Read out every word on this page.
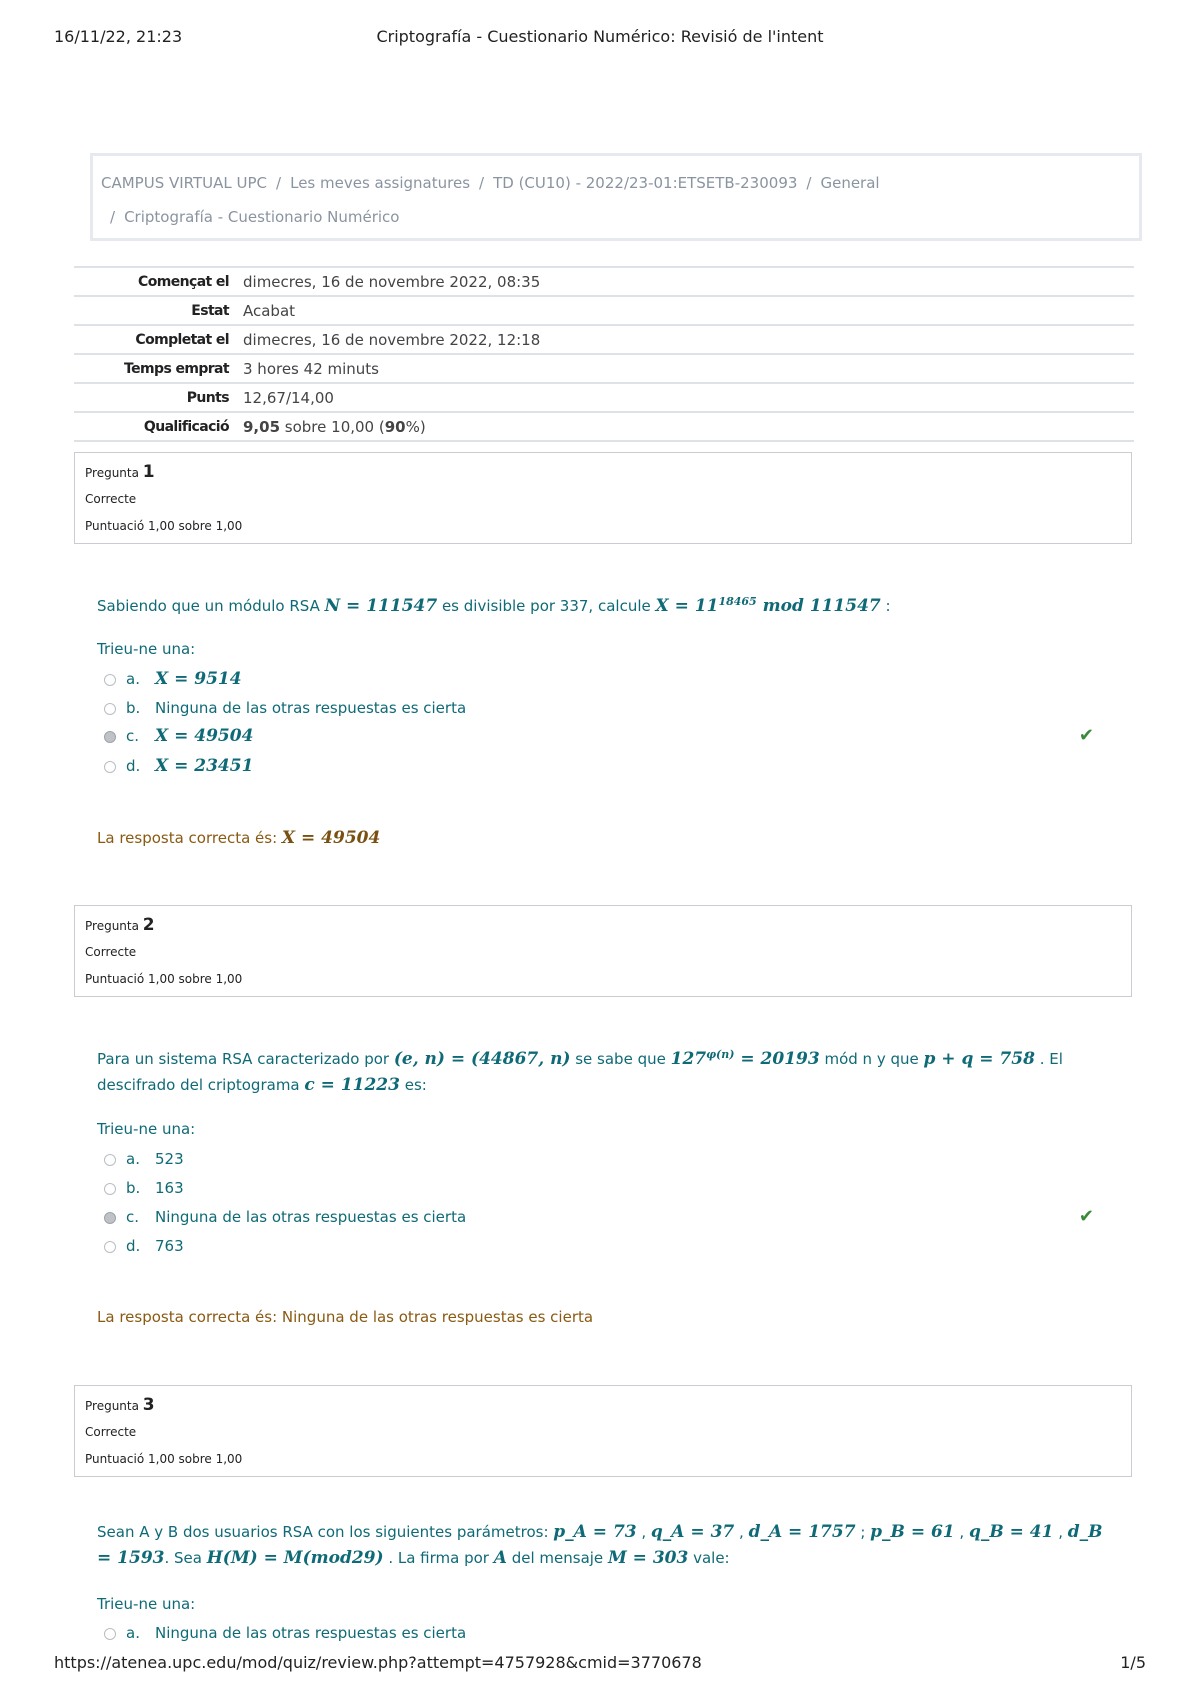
16/11/22, 21:23	Criptografía - Cuestionario Numérico: Revisió de l'intent
CAMPUS VIRTUAL UPC / Les meves assignatures / TD (CU10) - 2022/23-01:ETSETB-230093 / General
/ Criptografía - Cuestionario Numérico
Començat el	dimecres, 16 de novembre 2022, 08:35
Estat	Acabat
Completat el	dimecres, 16 de novembre 2022, 12:18
Temps emprat	3 hores 42 minuts
Punts	12,67/14,00
Qualificació	9,05 sobre 10,00 (90%)
Pregunta 1
Correcte
Puntuació 1,00 sobre 1,00
Sabiendo que un módulo RSA N = 111547 es divisible por 337, calcule $X = 11^{18465}$ mod 111547 :
Trieu-ne una:
a. X = 9514
b. Ninguna de las otras respuestas es cierta
c. X = 49504	✔
d. X = 23451
La resposta correcta és: X = 49504
Pregunta 2
Correcte
Puntuació 1,00 sobre 1,00
Para un sistema RSA caracterizado por (e, n) = (44867, n) se sabe que $127^{\varphi(n)} = 20193$ mód n y que p + q = 758 . El descifrado del criptograma c = 11223 es:
Trieu-ne una:
a. 523
b. 163
c. Ninguna de las otras respuestas es cierta	✔
d. 763
La resposta correcta és: Ninguna de las otras respuestas es cierta
Pregunta 3
Correcte
Puntuació 1,00 sobre 1,00
Sean A y B dos usuarios RSA con los siguientes parámetros: p_A = 73 , q_A = 37 , d_A = 1757 ; p_B = 61 , q_B = 41 , d_B = 1593. Sea H(M) = M(mod29) . La firma por A del mensaje M = 303 vale:
Trieu-ne una:
a. Ninguna de las otras respuestas es cierta
https://atenea.upc.edu/mod/quiz/review.php?attempt=4757928&cmid=3770678	1/5
